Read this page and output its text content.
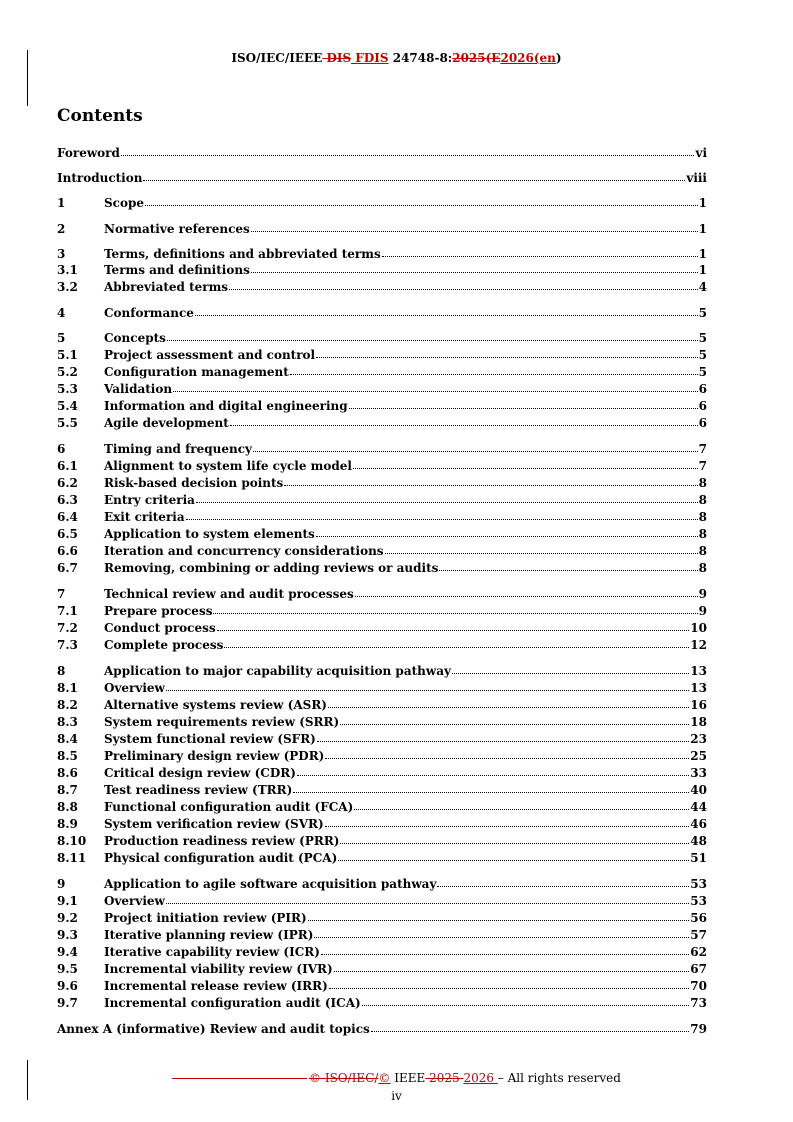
ISO/IEC/IEEE DIS FDIS 24748-8:2025(E2026(en)
Contents
Foreword	vi
Introduction	viii
1	Scope	1
2	Normative references	1
3	Terms, definitions and abbreviated terms	1
3.1	Terms and definitions	1
3.2	Abbreviated terms	4
4	Conformance	5
5	Concepts	5
5.1	Project assessment and control	5
5.2	Configuration management	5
5.3	Validation	6
5.4	Information and digital engineering	6
5.5	Agile development	6
6	Timing and frequency	7
6.1	Alignment to system life cycle model	7
6.2	Risk-based decision points	8
6.3	Entry criteria	8
6.4	Exit criteria	8
6.5	Application to system elements	8
6.6	Iteration and concurrency considerations	8
6.7	Removing, combining or adding reviews or audits	8
7	Technical review and audit processes	9
7.1	Prepare process	9
7.2	Conduct process	10
7.3	Complete process	12
8	Application to major capability acquisition pathway	13
8.1	Overview	13
8.2	Alternative systems review (ASR)	16
8.3	System requirements review (SRR)	18
8.4	System functional review (SFR)	23
8.5	Preliminary design review (PDR)	25
8.6	Critical design review (CDR)	33
8.7	Test readiness review (TRR)	40
8.8	Functional configuration audit (FCA)	44
8.9	System verification review (SVR)	46
8.10	Production readiness review (PRR)	48
8.11	Physical configuration audit (PCA)	51
9	Application to agile software acquisition pathway	53
9.1	Overview	53
9.2	Project initiation review (PIR)	56
9.3	Iterative planning review (IPR)	57
9.4	Iterative capability review (ICR)	62
9.5	Incremental viability review (IVR)	67
9.6	Incremental release review (IRR)	70
9.7	Incremental configuration audit (ICA)	73
Annex A (informative) Review and audit topics	79
© ISO/IEC/© IEEE 2025 2026 – All rights reserved
iv
